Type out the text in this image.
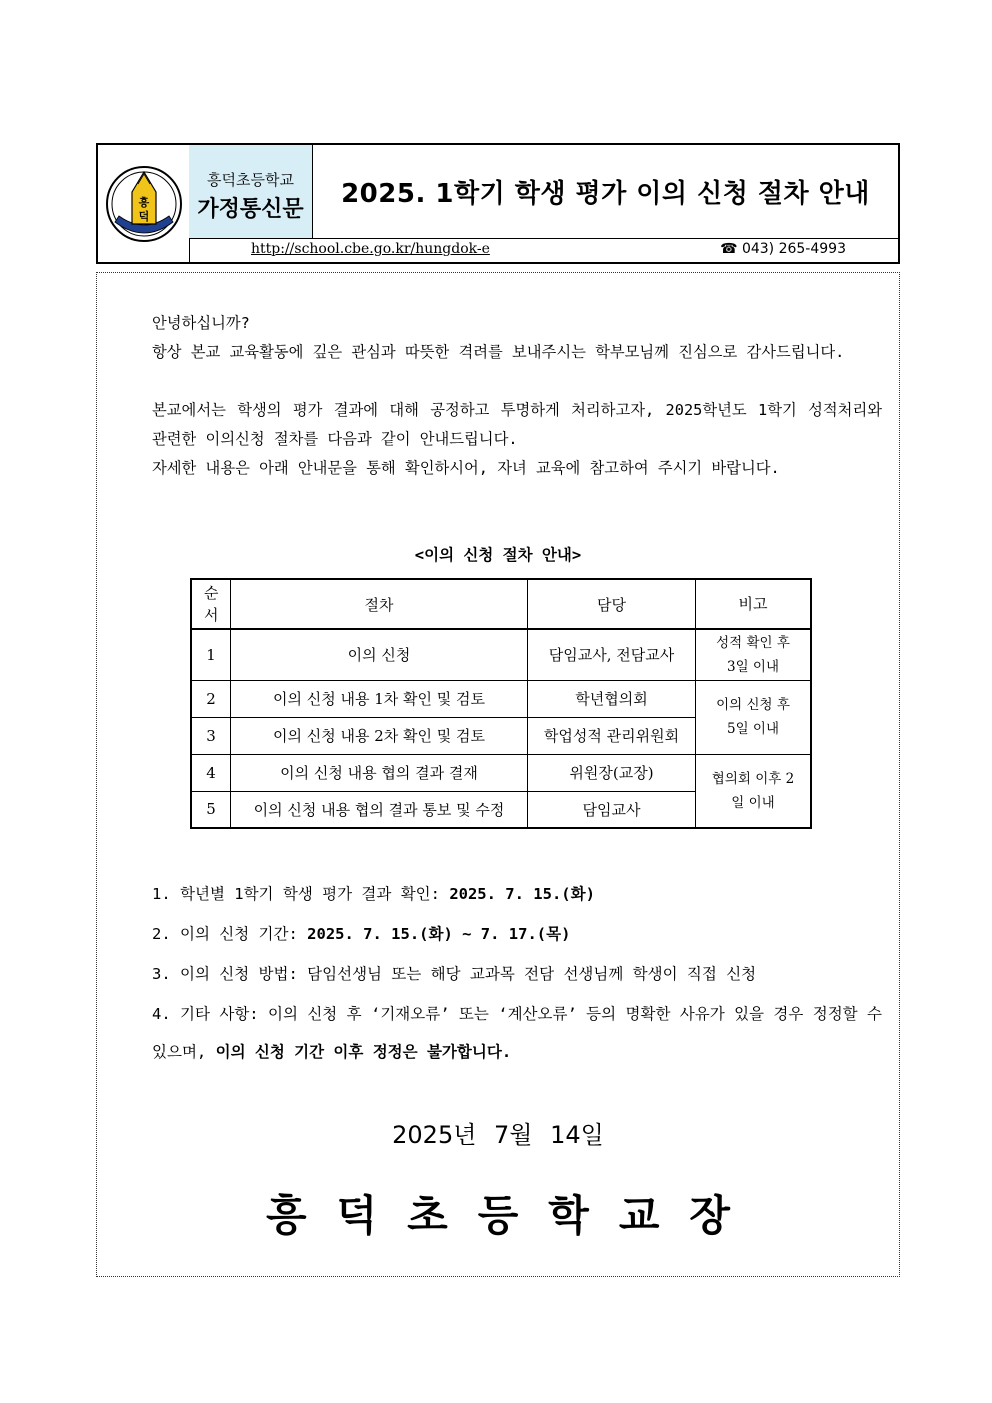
흥
덕
흥덕초등학교
가정통신문
2025. 1학기 학생 평가 이의 신청 절차 안내
http://school.cbe.go.kr/hungdok-e	☎ 043) 265-4993
안녕하십니까?
항상 본교 교육활동에 깊은 관심과 따뜻한 격려를 보내주시는 학부모님께 진심으로 감사드립니다.
본교에서는 학생의 평가 결과에 대해 공정하고 투명하게 처리하고자, 2025학년도 1학기 성적처리와 관련한 이의신청 절차를 다음과 같이 안내드립니다.
자세한 내용은 아래 안내문을 통해 확인하시어, 자녀 교육에 참고하여 주시기 바랍니다.
<이의 신청 절차 안내>
순서	절차	담당	비고
1	이의 신청	담임교사, 전담교사	성적 확인 후 3일 이내
2	이의 신청 내용 1차 확인 및 검토	학년협의회	이의 신청 후 5일 이내
3	이의 신청 내용 2차 확인 및 검토	학업성적 관리위원회	
4	이의 신청 내용 협의 결과 결재	위원장(교장)	협의회 이후 2일 이내
5	이의 신청 내용 협의 결과 통보 및 수정	담임교사	
1. 학년별 1학기 학생 평가 결과 확인: 2025. 7. 15.(화)
2. 이의 신청 기간: 2025. 7. 15.(화) ~ 7. 17.(목)
3. 이의 신청 방법: 담임선생님 또는 해당 교과목 전담 선생님께 학생이 직접 신청
4. 기타 사항: 이의 신청 후 ‘기재오류’ 또는 ‘계산오류’ 등의 명확한 사유가 있을 경우 정정할 수 있으며, 이의 신청 기간 이후 정정은 불가합니다.
2025년 7월 14일
흥덕초등학교장
